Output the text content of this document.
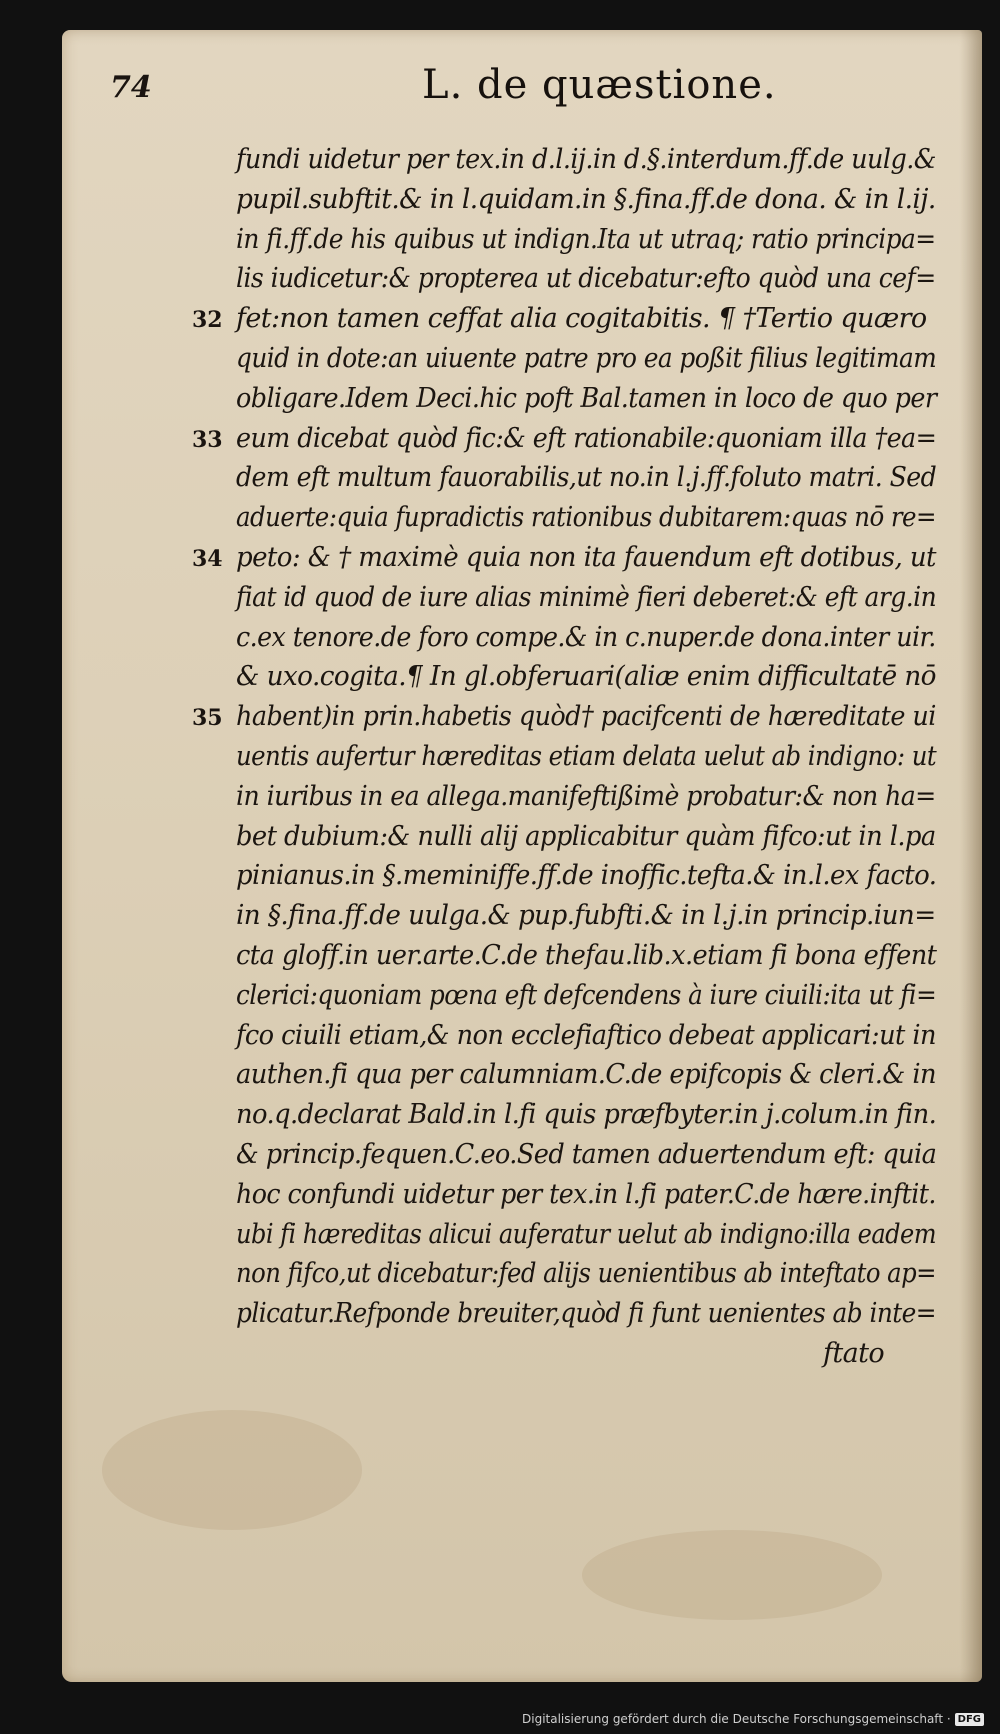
74	L. de quæstione.
fundi uidetur per tex.in d.l.ij.in d.§.interdum.ff.de uulg.&
pupil.subftit.& in l.quidam.in §.fina.ff.de dona. & in l.ij.
in fi.ff.de his quibus ut indign.Ita ut utraq; ratio principa=
lis iudicetur:& propterea ut dicebatur:efto quòd una cef=
32 fet:non tamen ceffat alia cogitabitis. ¶ †Tertio quæro
quid in dote:an uiuente patre pro ea poßit filius legitimam
obligare.Idem Deci.hic poft Bal.tamen in loco de quo per
33 eum dicebat quòd fic:& eft rationabile:quoniam illa †ea=
dem eft multum fauorabilis,ut no.in l.j.ff.foluto matri. Sed
aduerte:quia fupradictis rationibus dubitarem:quas nō re=
34 peto: & † maximè quia non ita fauendum eft dotibus, ut
fiat id quod de iure alias minimè fieri deberet:& eft arg.in
c.ex tenore.de foro compe.& in c.nuper.de dona.inter uir.
& uxo.cogita.¶ In gl.obferuari(aliæ enim difficultatē nō
35 habent)in prin.habetis quòd† pacifcenti de hæreditate ui
uentis aufertur hæreditas etiam delata uelut ab indigno: ut
in iuribus in ea allega.manifeftißimè probatur:& non ha=
bet dubium:& nulli alij applicabitur quàm fifco:ut in l.pa
pinianus.in §.meminiffe.ff.de inoffic.tefta.& in.l.ex facto.
in §.fina.ff.de uulga.& pup.fubfti.& in l.j.in princip.iun=
cta gloff.in uer.arte.C.de thefau.lib.x.etiam fi bona effent
clerici:quoniam pœna eft defcendens à iure ciuili:ita ut fi=
fco ciuili etiam,& non ecclefiaftico debeat applicari:ut in
authen.fi qua per calumniam.C.de epifcopis & cleri.& in
no.q.declarat Bald.in l.fi quis præfbyter.in j.colum.in fin.
& princip.fequen.C.eo.Sed tamen aduertendum eft: quia
hoc confundi uidetur per tex.in l.fi pater.C.de hære.inftit.
ubi fi hæreditas alicui auferatur uelut ab indigno:illa eadem
non fifco,ut dicebatur:fed alijs uenientibus ab inteftato ap=
plicatur.Refponde breuiter,quòd fi funt uenientes ab inte=
ftato
Digitalisierung gefördert durch die Deutsche Forschungsgemeinschaft · DFG
